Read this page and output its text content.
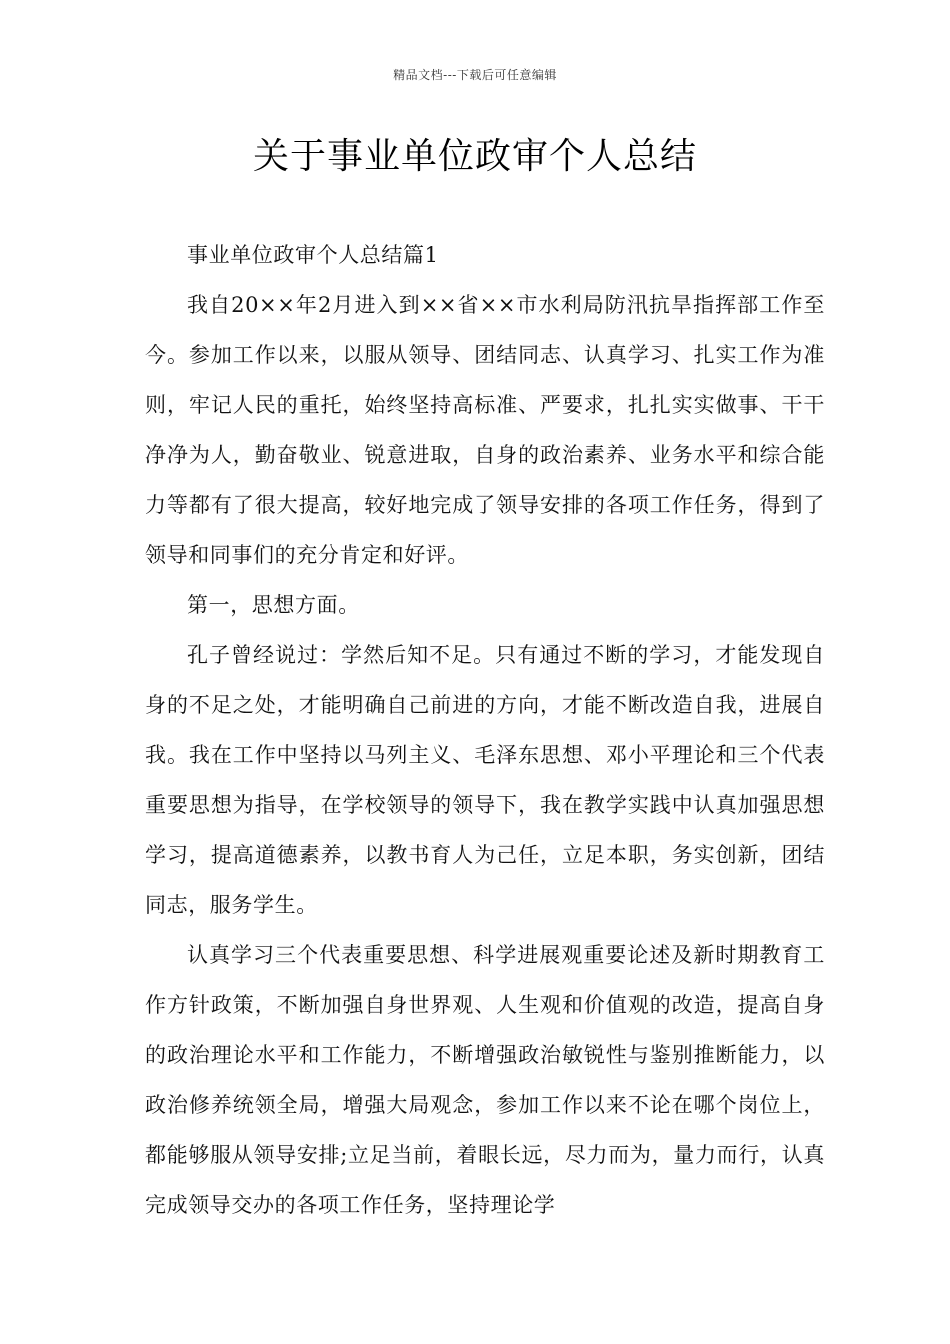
精品文档---下载后可任意编辑
关于事业单位政审个人总结

事业单位政审个人总结篇1

我自20××年2月进入到××省××市水利局防汛抗旱指挥部工作至今。参加工作以来，以服从领导、团结同志、认真学习、扎实工作为准则，牢记人民的重托，始终坚持高标准、严要求，扎扎实实做事、干干净净为人，勤奋敬业、锐意进取，自身的政治素养、业务水平和综合能力等都有了很大提高，较好地完成了领导安排的各项工作任务，得到了领导和同事们的充分肯定和好评。

第一，思想方面。

孔子曾经说过：学然后知不足。只有通过不断的学习，才能发现自身的不足之处，才能明确自己前进的方向，才能不断改造自我，进展自我。我在工作中坚持以马列主义、毛泽东思想、邓小平理论和三个代表重要思想为指导，在学校领导的领导下，我在教学实践中认真加强思想学习，提高道德素养，以教书育人为己任，立足本职，务实创新，团结同志，服务学生。

认真学习三个代表重要思想、科学进展观重要论述及新时期教育工作方针政策，不断加强自身世界观、人生观和价值观的改造，提高自身的政治理论水平和工作能力，不断增强政治敏锐性与鉴别推断能力，以政治修养统领全局，增强大局观念，参加工作以来不论在哪个岗位上，都能够服从领导安排;立足当前，着眼长远，尽力而为，量力而行，认真完成领导交办的各项工作任务，坚持理论学
